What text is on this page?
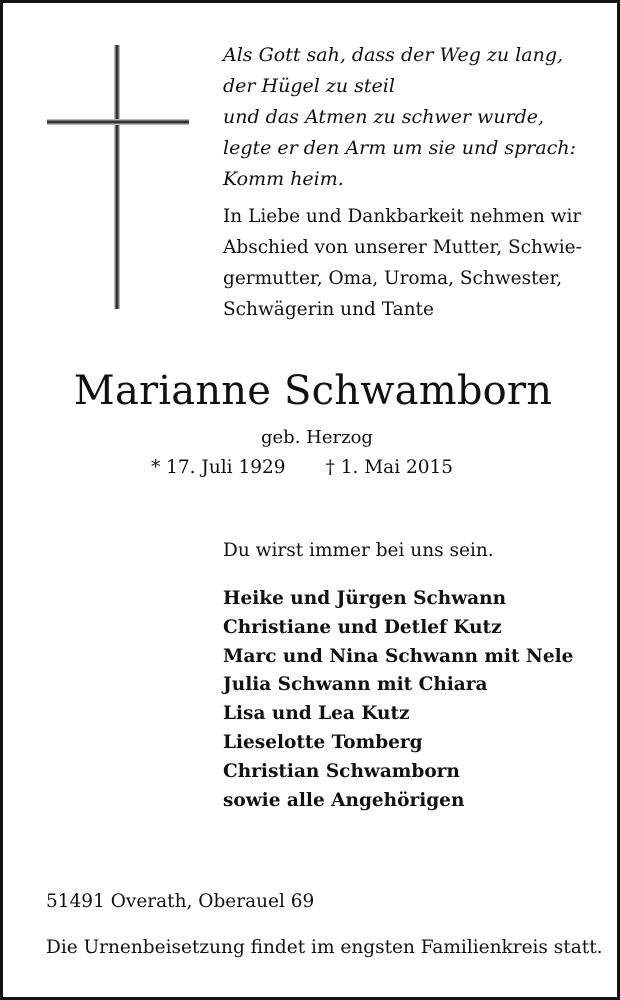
Als Gott sah, dass der Weg zu lang,
der Hügel zu steil
und das Atmen zu schwer wurde,
legte er den Arm um sie und sprach:
Komm heim.
In Liebe und Dankbarkeit nehmen wir
Abschied von unserer Mutter, Schwie-
germutter, Oma, Uroma, Schwester,
Schwägerin und Tante
Marianne Schwamborn
geb. Herzog
* 17. Juli 1929 † 1. Mai 2015
Du wirst immer bei uns sein.
Heike und Jürgen Schwann
Christiane und Detlef Kutz
Marc und Nina Schwann mit Nele
Julia Schwann mit Chiara
Lisa und Lea Kutz
Lieselotte Tomberg
Christian Schwamborn
sowie alle Angehörigen
51491 Overath, Oberauel 69
Die Urnenbeisetzung findet im engsten Familienkreis statt.
